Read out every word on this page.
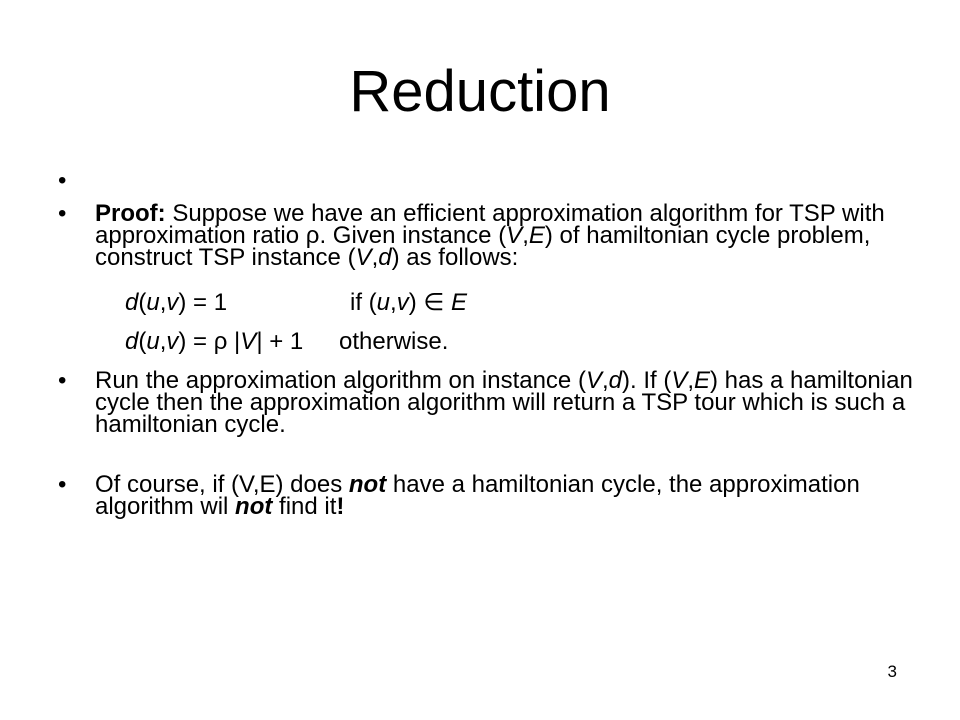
Reduction
•
• Proof: Suppose we have an efficient approximation algorithm for TSP with approximation ratio ρ. Given instance (V,E) of hamiltonian cycle problem, construct TSP instance (V,d) as follows:
d(u,v) = 1	if (u,v) ∈ E
d(u,v) = ρ |V| + 1 otherwise.
• Run the approximation algorithm on instance (V,d). If (V,E) has a hamiltonian cycle then the approximation algorithm will return a TSP tour which is such a hamiltonian cycle.
• Of course, if (V,E) does not have a hamiltonian cycle, the approximation algorithm wil not find it!
3
